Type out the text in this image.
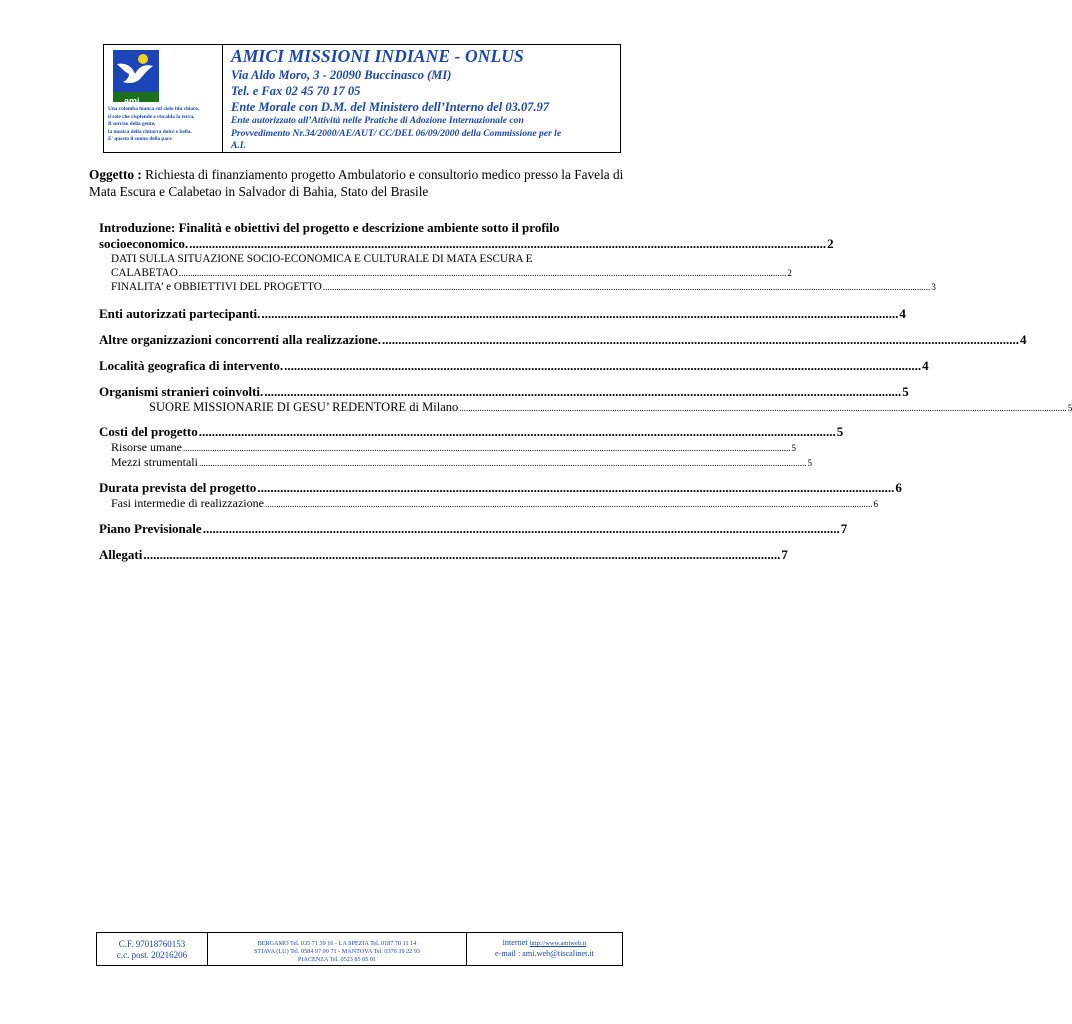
ami
Una colomba bianca sul cielo blu chiaro,
il sole che risplende e riscalda la terra,
Il sorriso della gente,
la musica della chitarra dolce e bella.
E' questo il suono della pace
AMICI MISSIONI INDIANE - ONLUS
Via Aldo Moro, 3 - 20090 Buccinasco (MI)
Tel. e Fax 02 45 70 17 05
Ente Morale con D.M. del Ministero dell’Interno del 03.07.97
Ente autorizzato all’Attività nelle Pratiche di Adozione Internazionale con
Provvedimento Nr.34/2000/AE/AUT/ CC/DEL 06/09/2000 della Commissione per le
A.I.
Oggetto : Richiesta di finanziamento progetto Ambulatorio e consultorio medico presso la Favela di Mata Escura e Calabetao in Salvador di Bahia, Stato del Brasile
Introduzione: Finalità e obiettivi del progetto e descrizione ambiente sotto il profilo
socioeconomico. .................................................................................................................................................................................................... 2
DATI SULLA SITUAZIONE SOCIO-ECONOMICA E CULTURALE DI MATA ESCURA E
CALABETAO .............................................................................................................................................................................................................................................................................. 2
FINALITA’ e OBBIETTIVI DEL PROGETTO .............................................................................................................................................................................................................................................................................. 3
Enti autorizzati partecipanti. .................................................................................................................................................................................................... 4
Altre organizzazioni concorrenti alla realizzazione. .................................................................................................................................................................................................... 4
Località geografica di intervento. .................................................................................................................................................................................................... 4
Organismi stranieri coinvolti. .................................................................................................................................................................................................... 5
SUORE MISSIONARIE DI GESU’ REDENTORE di Milano .............................................................................................................................................................................................................................................................................. 5
Costi del progetto .................................................................................................................................................................................................... 5
Risorse umane .............................................................................................................................................................................................................................................................................. 5
Mezzi strumentali .............................................................................................................................................................................................................................................................................. 5
Durata prevista del progetto .................................................................................................................................................................................................... 6
Fasi intermedie di realizzazione .............................................................................................................................................................................................................................................................................. 6
Piano Previsionale .................................................................................................................................................................................................... 7
Allegati .................................................................................................................................................................................................... 7
C.F. 97018760153
c.c. post. 20216206
BERGAMO Tel. 035 71 39 16 - LA SPEZIA Tel. 0187 70 11 14
STIAVA (LU) Tel. 0584 97 00 71 - MANTOVA Tel. 0376 39 22 93
PIACENZA Tel. 0523 85 05 01
internet http://www.amiweb.it
e-mail : ami.web@tiscalinet.it
